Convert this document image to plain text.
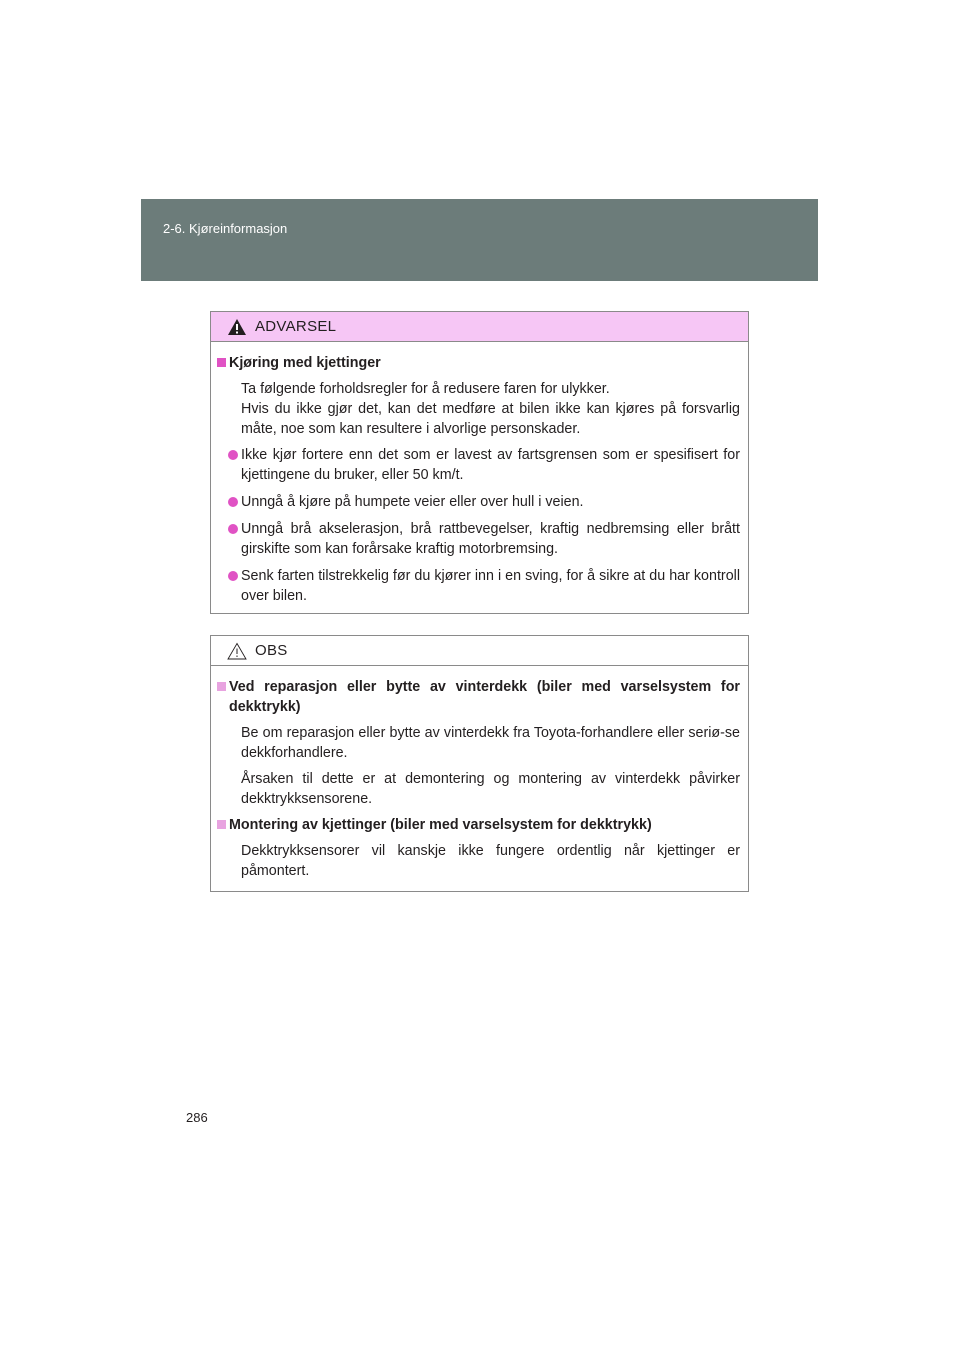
2-6. Kjøreinformasjon
ADVARSEL
Kjøring med kjettinger
Ta følgende forholdsregler for å redusere faren for ulykker.
Hvis du ikke gjør det, kan det medføre at bilen ikke kan kjøres på forsvarlig måte, noe som kan resultere i alvorlige personskader.
Ikke kjør fortere enn det som er lavest av fartsgrensen som er spesifisert for kjettingene du bruker, eller 50 km/t.
Unngå å kjøre på humpete veier eller over hull i veien.
Unngå brå akselerasjon, brå rattbevegelser, kraftig nedbremsing eller brått girskifte som kan forårsake kraftig motorbremsing.
Senk farten tilstrekkelig før du kjører inn i en sving, for å sikre at du har kontroll over bilen.
OBS
Ved reparasjon eller bytte av vinterdekk (biler med varselsystem for dekktrykk)
Be om reparasjon eller bytte av vinterdekk fra Toyota-forhandlere eller seriø-se dekkforhandlere.
Årsaken til dette er at demontering og montering av vinterdekk påvirker dekktrykksensorene.
Montering av kjettinger (biler med varselsystem for dekktrykk)
Dekktrykksensorer vil kanskje ikke fungere ordentlig når kjettinger er påmontert.
286
